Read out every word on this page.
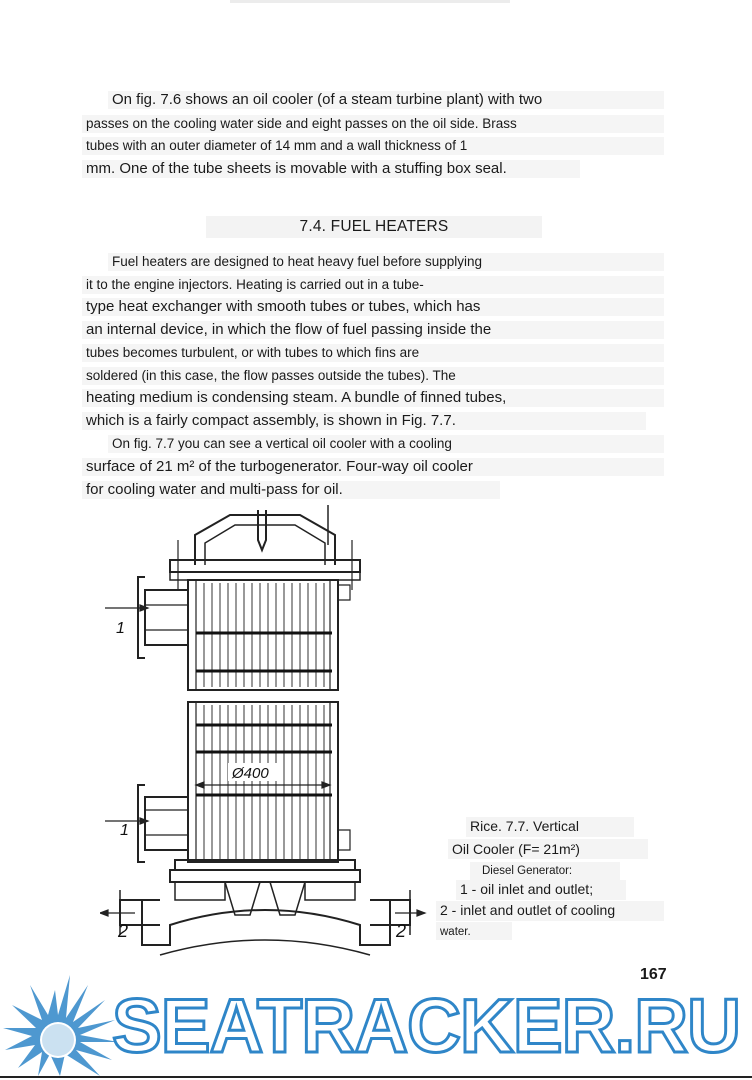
On fig. 7.6 shows an oil cooler (of a steam turbine plant) with two
passes on the cooling water side and eight passes on the oil side. Brass
tubes with an outer diameter of 14 mm and a wall thickness of 1
mm. One of the tube sheets is movable with a stuffing box seal.
7.4. FUEL HEATERS
Fuel heaters are designed to heat heavy fuel before supplying
it to the engine injectors. Heating is carried out in a tube-
type heat exchanger with smooth tubes or tubes, which has
an internal device, in which the flow of fuel passing inside the
tubes becomes turbulent, or with tubes to which fins are
soldered (in this case, the flow passes outside the tubes). The
heating medium is condensing steam. A bundle of finned tubes,
which is a fairly compact assembly, is shown in Fig. 7.7.
On fig. 7.7 you can see a vertical oil cooler with a cooling
surface of 21 m² of the turbogenerator. Four-way oil cooler
for cooling water and multi-pass for oil.
Ø400
1
1
2	2
Rice. 7.7. Vertical
Oil Cooler (F= 21m²)
Diesel Generator:
1 - oil inlet and outlet;
2 - inlet and outlet of cooling
water.
167
SEATRACKER.RU
